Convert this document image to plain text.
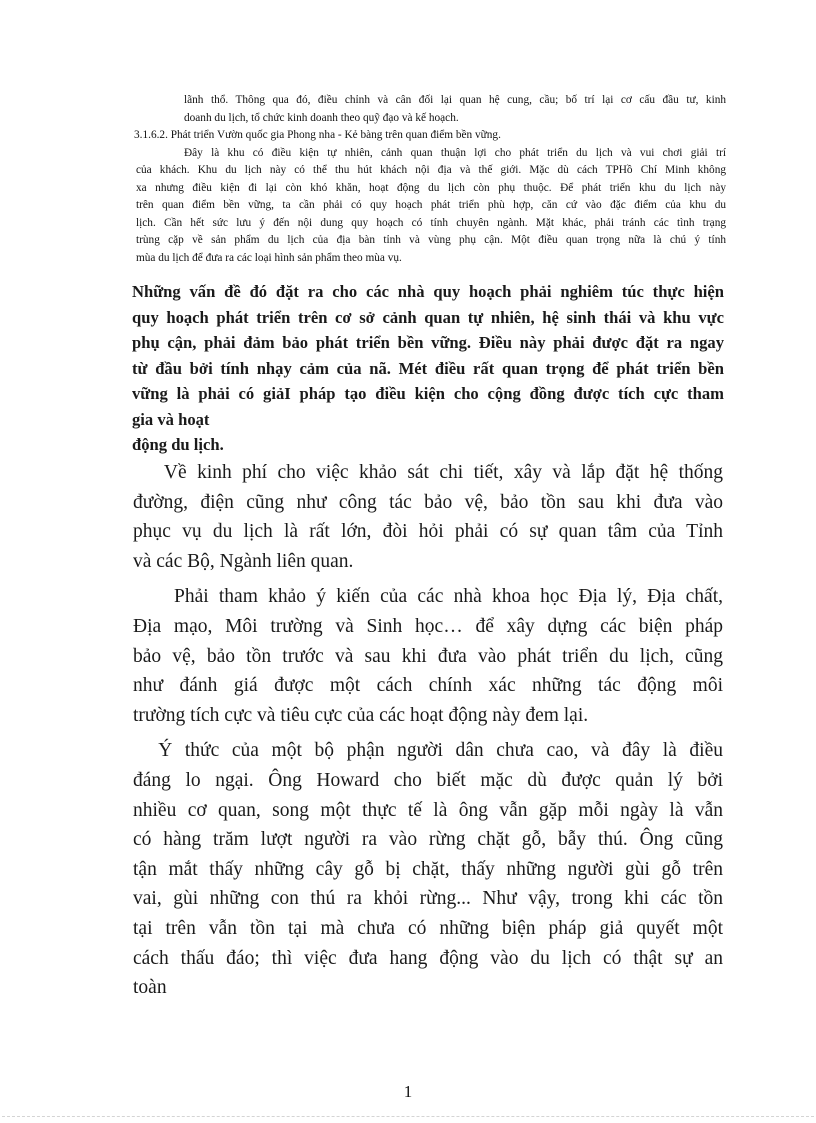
lãnh thổ. Thông qua đó, điều chỉnh và cân đối lại quan hệ cung, cầu; bố trí lại cơ cấu đầu tư, kinh

doanh du lịch, tổ chức kinh doanh theo quỹ đạo và kế hoạch.

3.1.6.2. Phát triển Vườn quốc gia Phong nha - Kẻ bàng trên quan điểm bền vững.

Đây là khu có điều kiện tự nhiên, cảnh quan thuận lợi cho phát triển du lịch và vui chơi giải trí

của khách. Khu du lịch này có thể thu hút khách nội địa và thế giới. Mặc dù cách TPHồ Chí Minh không

xa nhưng điều kiện đi lại còn khó khăn, hoạt động du lịch còn phụ thuộc. Để phát triển khu du lịch này

trên quan điểm bền vững, ta cần phải có quy hoạch phát triển phù hợp, căn cứ vào đặc điểm của khu du

lịch. Cần hết sức lưu ý đến nội dung quy hoạch có tính chuyên ngành. Mặt khác, phải tránh các tình trạng

trùng cặp về sản phẩm du lịch của địa bàn tỉnh và vùng phụ cận. Một điều quan trọng nữa là chú ý tính

mùa du lịch để đưa ra các loại hình sản phẩm theo mùa vụ.

Những vấn đề đó đặt ra cho các nhà quy hoạch phải nghiêm túc thực hiện

quy hoạch phát triển trên cơ sở cảnh quan tự nhiên, hệ sinh thái và khu vực

phụ cận, phải đảm bảo phát triển bền vững. Điều này phải được đặt ra ngay

từ đầu bởi tính nhạy cảm của nã. Mét điều rất quan trọng để phát triển bền

vững là phải có giảI pháp tạo điều kiện cho cộng đồng được tích cực tham

gia và hoạt

động du lịch.

Về kinh phí cho việc khảo sát chi tiết, xây và lắp đặt hệ thống

đường, điện cũng như công tác bảo vệ, bảo tồn sau khi đưa vào

phục vụ du lịch là rất lớn, đòi hỏi phải có sự quan tâm của Tỉnh

và các Bộ, Ngành liên quan.

Phải tham khảo ý kiến của các nhà khoa học Địa lý, Địa chất,

Địa mạo, Môi trường và Sinh học… để xây dựng các biện pháp

bảo vệ, bảo tồn trước và sau khi đưa vào phát triển du lịch, cũng

như đánh giá được một cách chính xác những tác động môi

trường tích cực và tiêu cực của các hoạt động này đem lại.

Ý thức của một bộ phận người dân chưa cao, và đây là điều

đáng lo ngại. Ông Howard cho biết mặc dù được quản lý bởi

nhiều cơ quan, song một thực tế là ông vẫn gặp mỗi ngày là vẫn

có hàng trăm lượt người ra vào rừng chặt gỗ, bẫy thú. Ông cũng

tận mắt thấy những cây gỗ bị chặt, thấy những người gùi gỗ trên

vai, gùi những con thú ra khỏi rừng... Như vậy, trong khi các tồn

tại trên vẫn tồn tại mà chưa có những biện pháp giả quyết một

cách thấu đáo; thì việc đưa hang động vào du lịch có thật sự an

toàn

1
